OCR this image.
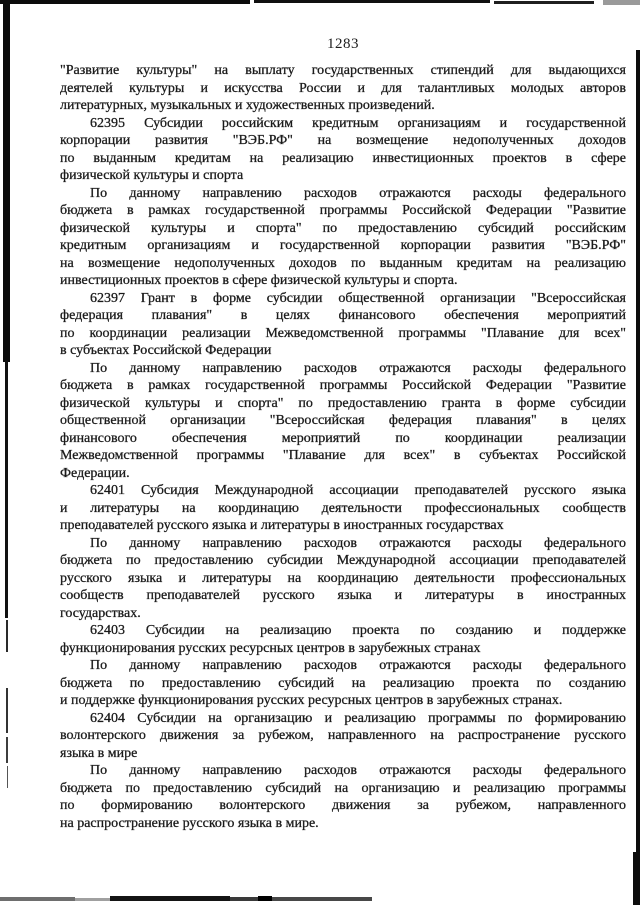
1283
"Развитие культуры" на выплату государственных стипендий для выдающихся
деятелей культуры и искусства России и для талантливых молодых авторов
литературных, музыкальных и художественных произведений.
62395 Субсидии российским кредитным организациям и государственной
корпорации развития "ВЭБ.РФ" на возмещение недополученных доходов
по выданным кредитам на реализацию инвестиционных проектов в сфере
физической культуры и спорта
По данному направлению расходов отражаются расходы федерального
бюджета в рамках государственной программы Российской Федерации "Развитие
физической культуры и спорта" по предоставлению субсидий российским
кредитным организациям и государственной корпорации развития "ВЭБ.РФ"
на возмещение недополученных доходов по выданным кредитам на реализацию
инвестиционных проектов в сфере физической культуры и спорта.
62397 Грант в форме субсидии общественной организации "Всероссийская
федерация плавания" в целях финансового обеспечения мероприятий
по координации реализации Межведомственной программы "Плавание для всех"
в субъектах Российской Федерации
По данному направлению расходов отражаются расходы федерального
бюджета в рамках государственной программы Российской Федерации "Развитие
физической культуры и спорта" по предоставлению гранта в форме субсидии
общественной организации "Всероссийская федерация плавания" в целях
финансового обеспечения мероприятий по координации реализации
Межведомственной программы "Плавание для всех" в субъектах Российской
Федерации.
62401 Субсидия Международной ассоциации преподавателей русского языка
и литературы на координацию деятельности профессиональных сообществ
преподавателей русского языка и литературы в иностранных государствах
По данному направлению расходов отражаются расходы федерального
бюджета по предоставлению субсидии Международной ассоциации преподавателей
русского языка и литературы на координацию деятельности профессиональных
сообществ преподавателей русского языка и литературы в иностранных
государствах.
62403 Субсидии на реализацию проекта по созданию и поддержке
функционирования русских ресурсных центров в зарубежных странах
По данному направлению расходов отражаются расходы федерального
бюджета по предоставлению субсидий на реализацию проекта по созданию
и поддержке функционирования русских ресурсных центров в зарубежных странах.
62404 Субсидии на организацию и реализацию программы по формированию
волонтерского движения за рубежом, направленного на распространение русского
языка в мире
По данному направлению расходов отражаются расходы федерального
бюджета по предоставлению субсидий на организацию и реализацию программы
по формированию волонтерского движения за рубежом, направленного
на распространение русского языка в мире.
